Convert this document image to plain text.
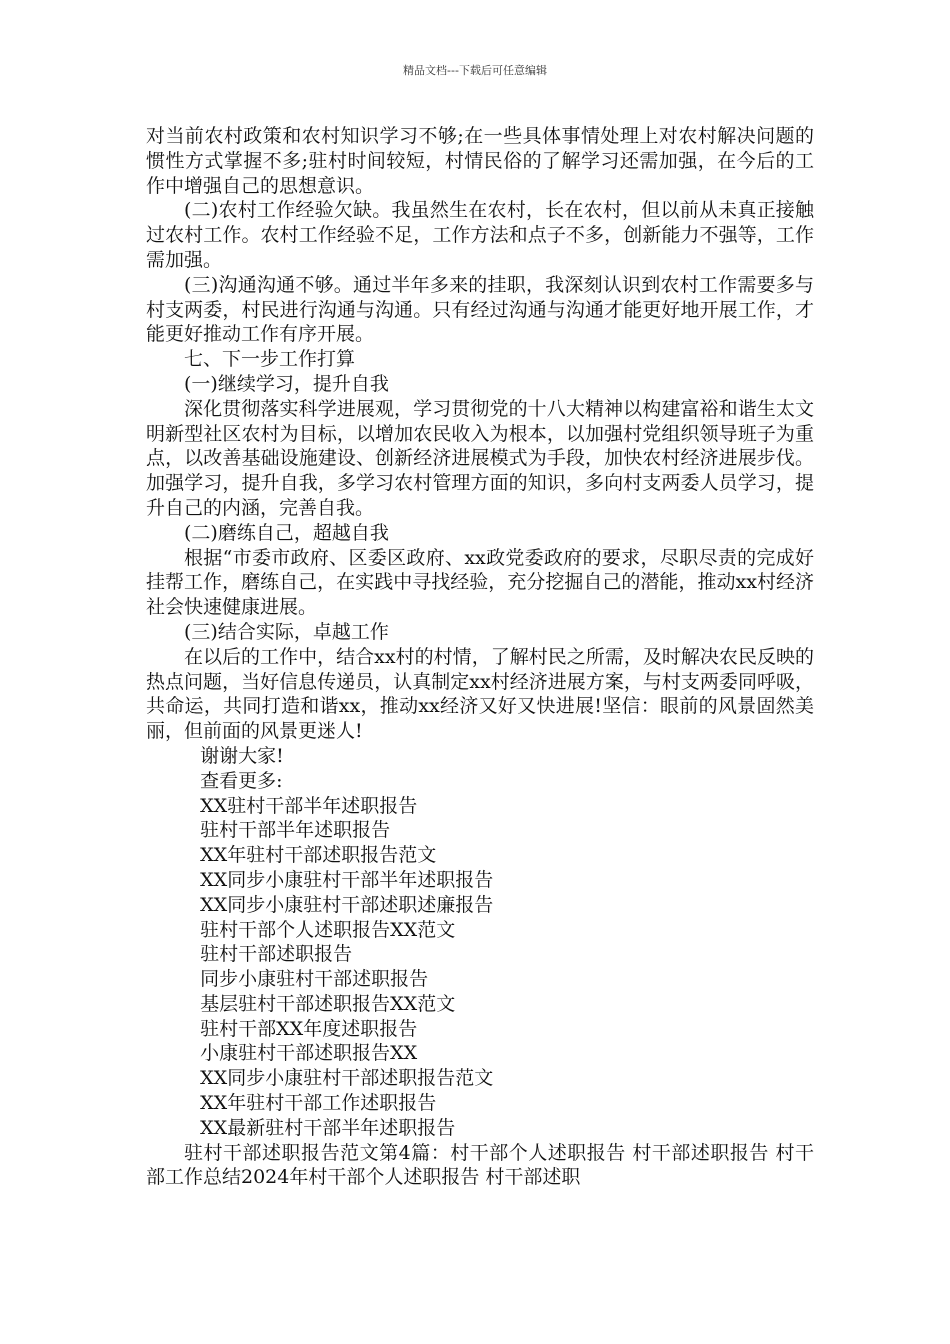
精品文档---下载后可任意编辑

对当前农村政策和农村知识学习不够;在一些具体事情处理上对农村解决问题的惯性方式掌握不多;驻村时间较短，村情民俗的了解学习还需加强，在今后的工作中增强自己的思想意识。

(二)农村工作经验欠缺。我虽然生在农村，长在农村，但以前从未真正接触过农村工作。农村工作经验不足，工作方法和点子不多，创新能力不强等，工作需加强。

(三)沟通沟通不够。通过半年多来的挂职，我深刻认识到农村工作需要多与村支两委，村民进行沟通与沟通。只有经过沟通与沟通才能更好地开展工作，才能更好推动工作有序开展。

七、下一步工作打算

(一)继续学习，提升自我

深化贯彻落实科学进展观，学习贯彻党的十八大精神以构建富裕和谐生太文明新型社区农村为目标，以增加农民收入为根本，以加强村党组织领导班子为重点，以改善基础设施建设、创新经济进展模式为手段，加快农村经济进展步伐。加强学习，提升自我，多学习农村管理方面的知识，多向村支两委人员学习，提升自己的内涵，完善自我。

(二)磨练自己，超越自我

根据“市委市政府、区委区政府、xx政党委政府的要求，尽职尽责的完成好挂帮工作，磨练自己，在实践中寻找经验，充分挖掘自己的潜能，推动xx村经济社会快速健康进展。

(三)结合实际，卓越工作

在以后的工作中，结合xx村的村情，了解村民之所需，及时解决农民反映的热点问题，当好信息传递员，认真制定xx村经济进展方案，与村支两委同呼吸，共命运，共同打造和谐xx，推动xx经济又好又快进展!坚信：眼前的风景固然美丽，但前面的风景更迷人!

谢谢大家!

查看更多:

XX驻村干部半年述职报告
驻村干部半年述职报告
XX年驻村干部述职报告范文
XX同步小康驻村干部半年述职报告
XX同步小康驻村干部述职述廉报告
驻村干部个人述职报告XX范文
驻村干部述职报告
同步小康驻村干部述职报告
基层驻村干部述职报告XX范文
驻村干部XX年度述职报告
小康驻村干部述职报告XX
XX同步小康驻村干部述职报告范文
XX年驻村干部工作述职报告
XX最新驻村干部半年述职报告

驻村干部述职报告范文第4篇：村干部个人述职报告 村干部述职报告 村干部工作总结2024年村干部个人述职报告 村干部述职
